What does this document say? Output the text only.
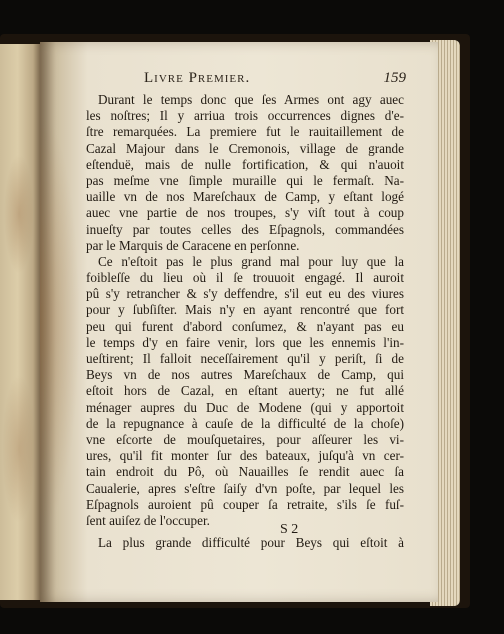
Livre Premier.	159
Durant le temps donc que ſes Armes ont agy auec
les noſtres; Il y arriua trois occurrences dignes d'e-
ſtre remarquées. La premiere fut le rauitaillement de
Cazal Majour dans le Cremonois, village de grande
eſtenduë, mais de nulle fortification, & qui n'auoit
pas meſme vne ſimple muraille qui le fermaſt. Na-
uaille vn de nos Mareſchaux de Camp, y eſtant logé
auec vne partie de nos troupes, s'y viſt tout à coup
inueſty par toutes celles des Eſpagnols, commandées
par le Marquis de Caracene en perſonne.
Ce n'eſtoit pas le plus grand mal pour luy que la
foibleſſe du lieu où il ſe trouuoit engagé. Il auroit
pû s'y retrancher & s'y deffendre, s'il eut eu des viures
pour y ſubſiſter. Mais n'y en ayant rencontré que fort
peu qui furent d'abord conſumez, & n'ayant pas eu
le temps d'y en faire venir, lors que les ennemis l'in-
ueſtirent; Il falloit neceſſairement qu'il y periſt, ſi de
Beys vn de nos autres Mareſchaux de Camp, qui
eſtoit hors de Cazal, en eſtant auerty; ne fut allé
ménager aupres du Duc de Modene (qui y apportoit
de la repugnance à cauſe de la difficulté de la choſe)
vne eſcorte de mouſquetaires, pour aſſeurer les vi-
ures, qu'il fit monter ſur des bateaux, juſqu'à vn cer-
tain endroit du Pô, où Nauailles ſe rendit auec ſa
Caualerie, apres s'eſtre ſaiſy d'vn poſte, par lequel les
Eſpagnols auroient pû couper ſa retraite, s'ils ſe fuſ-
ſent auiſez de l'occuper.
La plus grande difficulté pour Beys qui eſtoit à
S 2
